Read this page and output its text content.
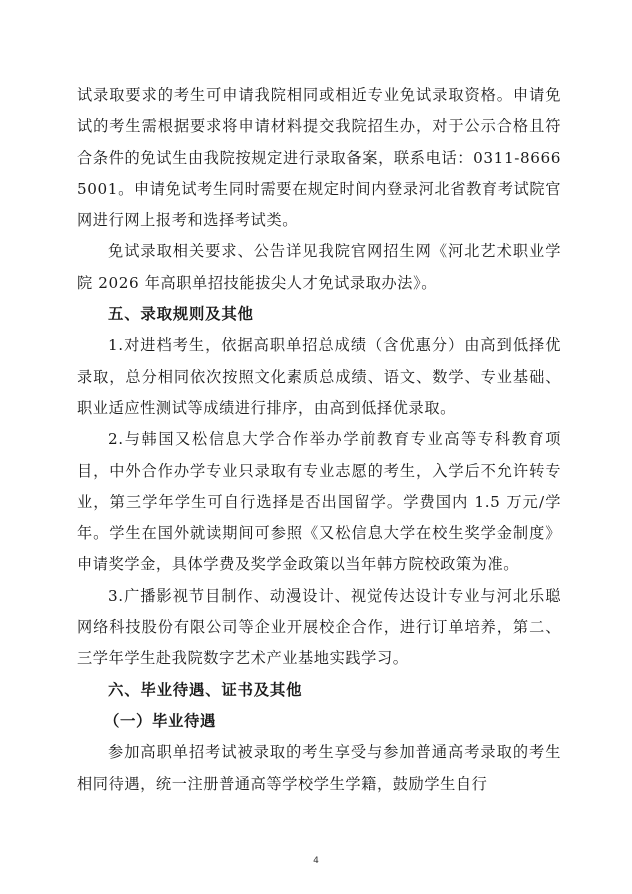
试录取要求的考生可申请我院相同或相近专业免试录取资格。申请免试的考生需根据要求将申请材料提交我院招生办，对于公示合格且符合条件的免试生由我院按规定进行录取备案，联系电话：0311-86665001。申请免试考生同时需要在规定时间内登录河北省教育考试院官网进行网上报考和选择考试类。

免试录取相关要求、公告详见我院官网招生网《河北艺术职业学院 2026 年高职单招技能拔尖人才免试录取办法》。

五、录取规则及其他

1.对进档考生，依据高职单招总成绩（含优惠分）由高到低择优录取，总分相同依次按照文化素质总成绩、语文、数学、专业基础、职业适应性测试等成绩进行排序，由高到低择优录取。

2.与韩国又松信息大学合作举办学前教育专业高等专科教育项目，中外合作办学专业只录取有专业志愿的考生，入学后不允许转专业，第三学年学生可自行选择是否出国留学。学费国内 1.5 万元/学年。学生在国外就读期间可参照《又松信息大学在校生奖学金制度》申请奖学金，具体学费及奖学金政策以当年韩方院校政策为准。

3.广播影视节目制作、动漫设计、视觉传达设计专业与河北乐聪网络科技股份有限公司等企业开展校企合作，进行订单培养，第二、三学年学生赴我院数字艺术产业基地实践学习。

六、毕业待遇、证书及其他

（一）毕业待遇

参加高职单招考试被录取的考生享受与参加普通高考录取的考生相同待遇，统一注册普通高等学校学生学籍，鼓励学生自行

4
